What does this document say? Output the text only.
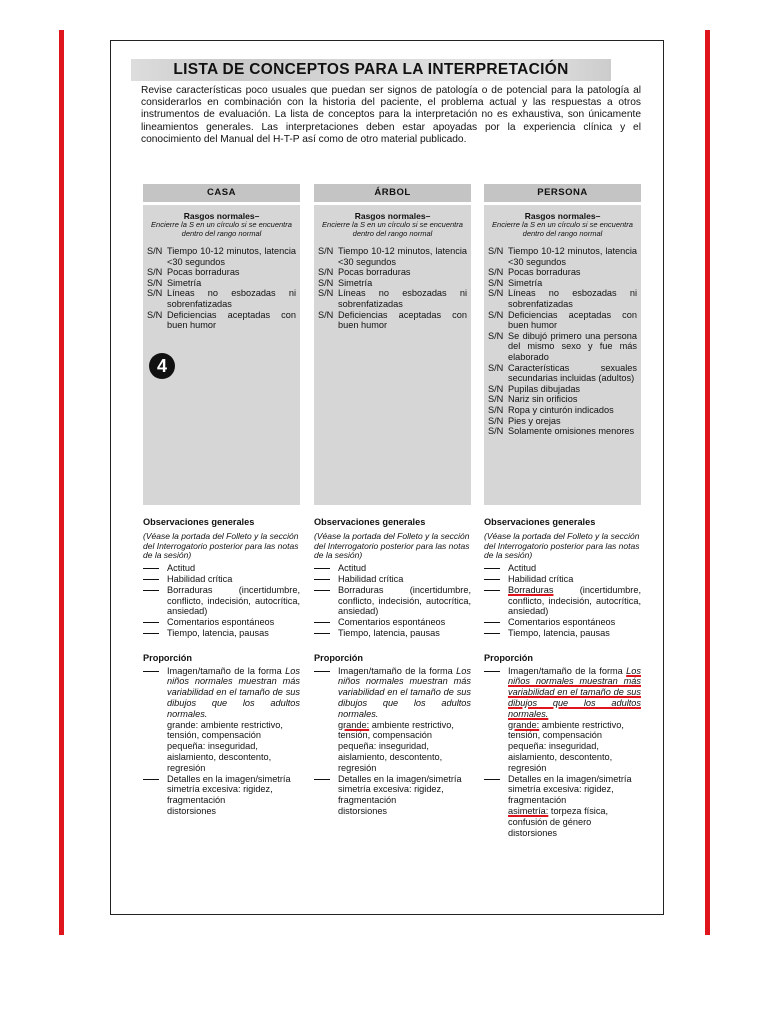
LISTA DE CONCEPTOS PARA LA INTERPRETACIÓN
Revise características poco usuales que puedan ser signos de patología o de potencial para la patología al considerarlos en combinación con la historia del paciente, el problema actual y las respuestas a otros instrumentos de evaluación. La lista de conceptos para la interpretación no es exhaustiva, son únicamente lineamientos generales. Las interpretaciones deben estar apoyadas por la experiencia clínica y el conocimiento del Manual del H-T-P así como de otro material publicado.
CASA
Rasgos normales–
Encierre la S en un círculo si se encuentra dentro del rango normal
S/N Tiempo 10-12 minutos, latencia <30 segundos
S/N Pocas borraduras
S/N Simetría
S/N Líneas no esbozadas ni sobrenfatizadas
S/N Deficiencias aceptadas con buen humor
4
ÁRBOL
Rasgos normales–
Encierre la S en un círculo si se encuentra dentro del rango normal
S/N Tiempo 10-12 minutos, latencia <30 segundos
S/N Pocas borraduras
S/N Simetría
S/N Líneas no esbozadas ni sobrenfatizadas
S/N Deficiencias aceptadas con buen humor
PERSONA
Rasgos normales–
Encierre la S en un círculo si se encuentra dentro del rango normal
S/N Tiempo 10-12 minutos, latencia <30 segundos
S/N Pocas borraduras
S/N Simetría
S/N Líneas no esbozadas ni sobrenfatizadas
S/N Deficiencias aceptadas con buen humor
S/N Se dibujó primero una persona del mismo sexo y fue más elaborado
S/N Características sexuales secundarias incluidas (adultos)
S/N Pupilas dibujadas
S/N Nariz sin orificios
S/N Ropa y cinturón indicados
S/N Pies y orejas
S/N Solamente omisiones menores
Observaciones generales
(Véase la portada del Folleto y la sección del Interrogatorio posterior para las notas de la sesión)
Actitud
Habilidad crítica
Borraduras (incertidumbre, conflicto, indecisión, autocrítica, ansiedad)
Comentarios espontáneos
Tiempo, latencia, pausas
Proporción
Imagen/tamaño de la forma Los niños normales muestran más variabilidad en el tamaño de sus dibujos que los adultos normales.
grande: ambiente restrictivo, tensión, compensación
pequeña: inseguridad, aislamiento, descontento, regresión
Detalles en la imagen/simetría
simetría excesiva: rigidez, fragmentación
distorsiones
Observaciones generales
(Véase la portada del Folleto y la sección del Interrogatorio posterior para las notas de la sesión)
Actitud
Habilidad crítica
Borraduras (incertidumbre, conflicto, indecisión, autocrítica, ansiedad)
Comentarios espontáneos
Tiempo, latencia, pausas
Proporción
Imagen/tamaño de la forma Los niños normales muestran más variabilidad en el tamaño de sus dibujos que los adultos normales.
grande: ambiente restrictivo, tensión, compensación
pequeña: inseguridad, aislamiento, descontento, regresión
Detalles en la imagen/simetría
simetría excesiva: rigidez, fragmentación
distorsiones
Observaciones generales
(Véase la portada del Folleto y la sección del Interrogatorio posterior para las notas de la sesión)
Actitud
Habilidad crítica
Borraduras (incertidumbre, conflicto, indecisión, autocrítica, ansiedad)
Comentarios espontáneos
Tiempo, latencia, pausas
Proporción
Imagen/tamaño de la forma Los niños normales muestran más variabilidad en el tamaño de sus dibujos que los adultos normales.
grande: ambiente restrictivo, tensión, compensación
pequeña: inseguridad, aislamiento, descontento, regresión
Detalles en la imagen/simetría
simetría excesiva: rigidez, fragmentación
asimetría: torpeza física, confusión de género
distorsiones
